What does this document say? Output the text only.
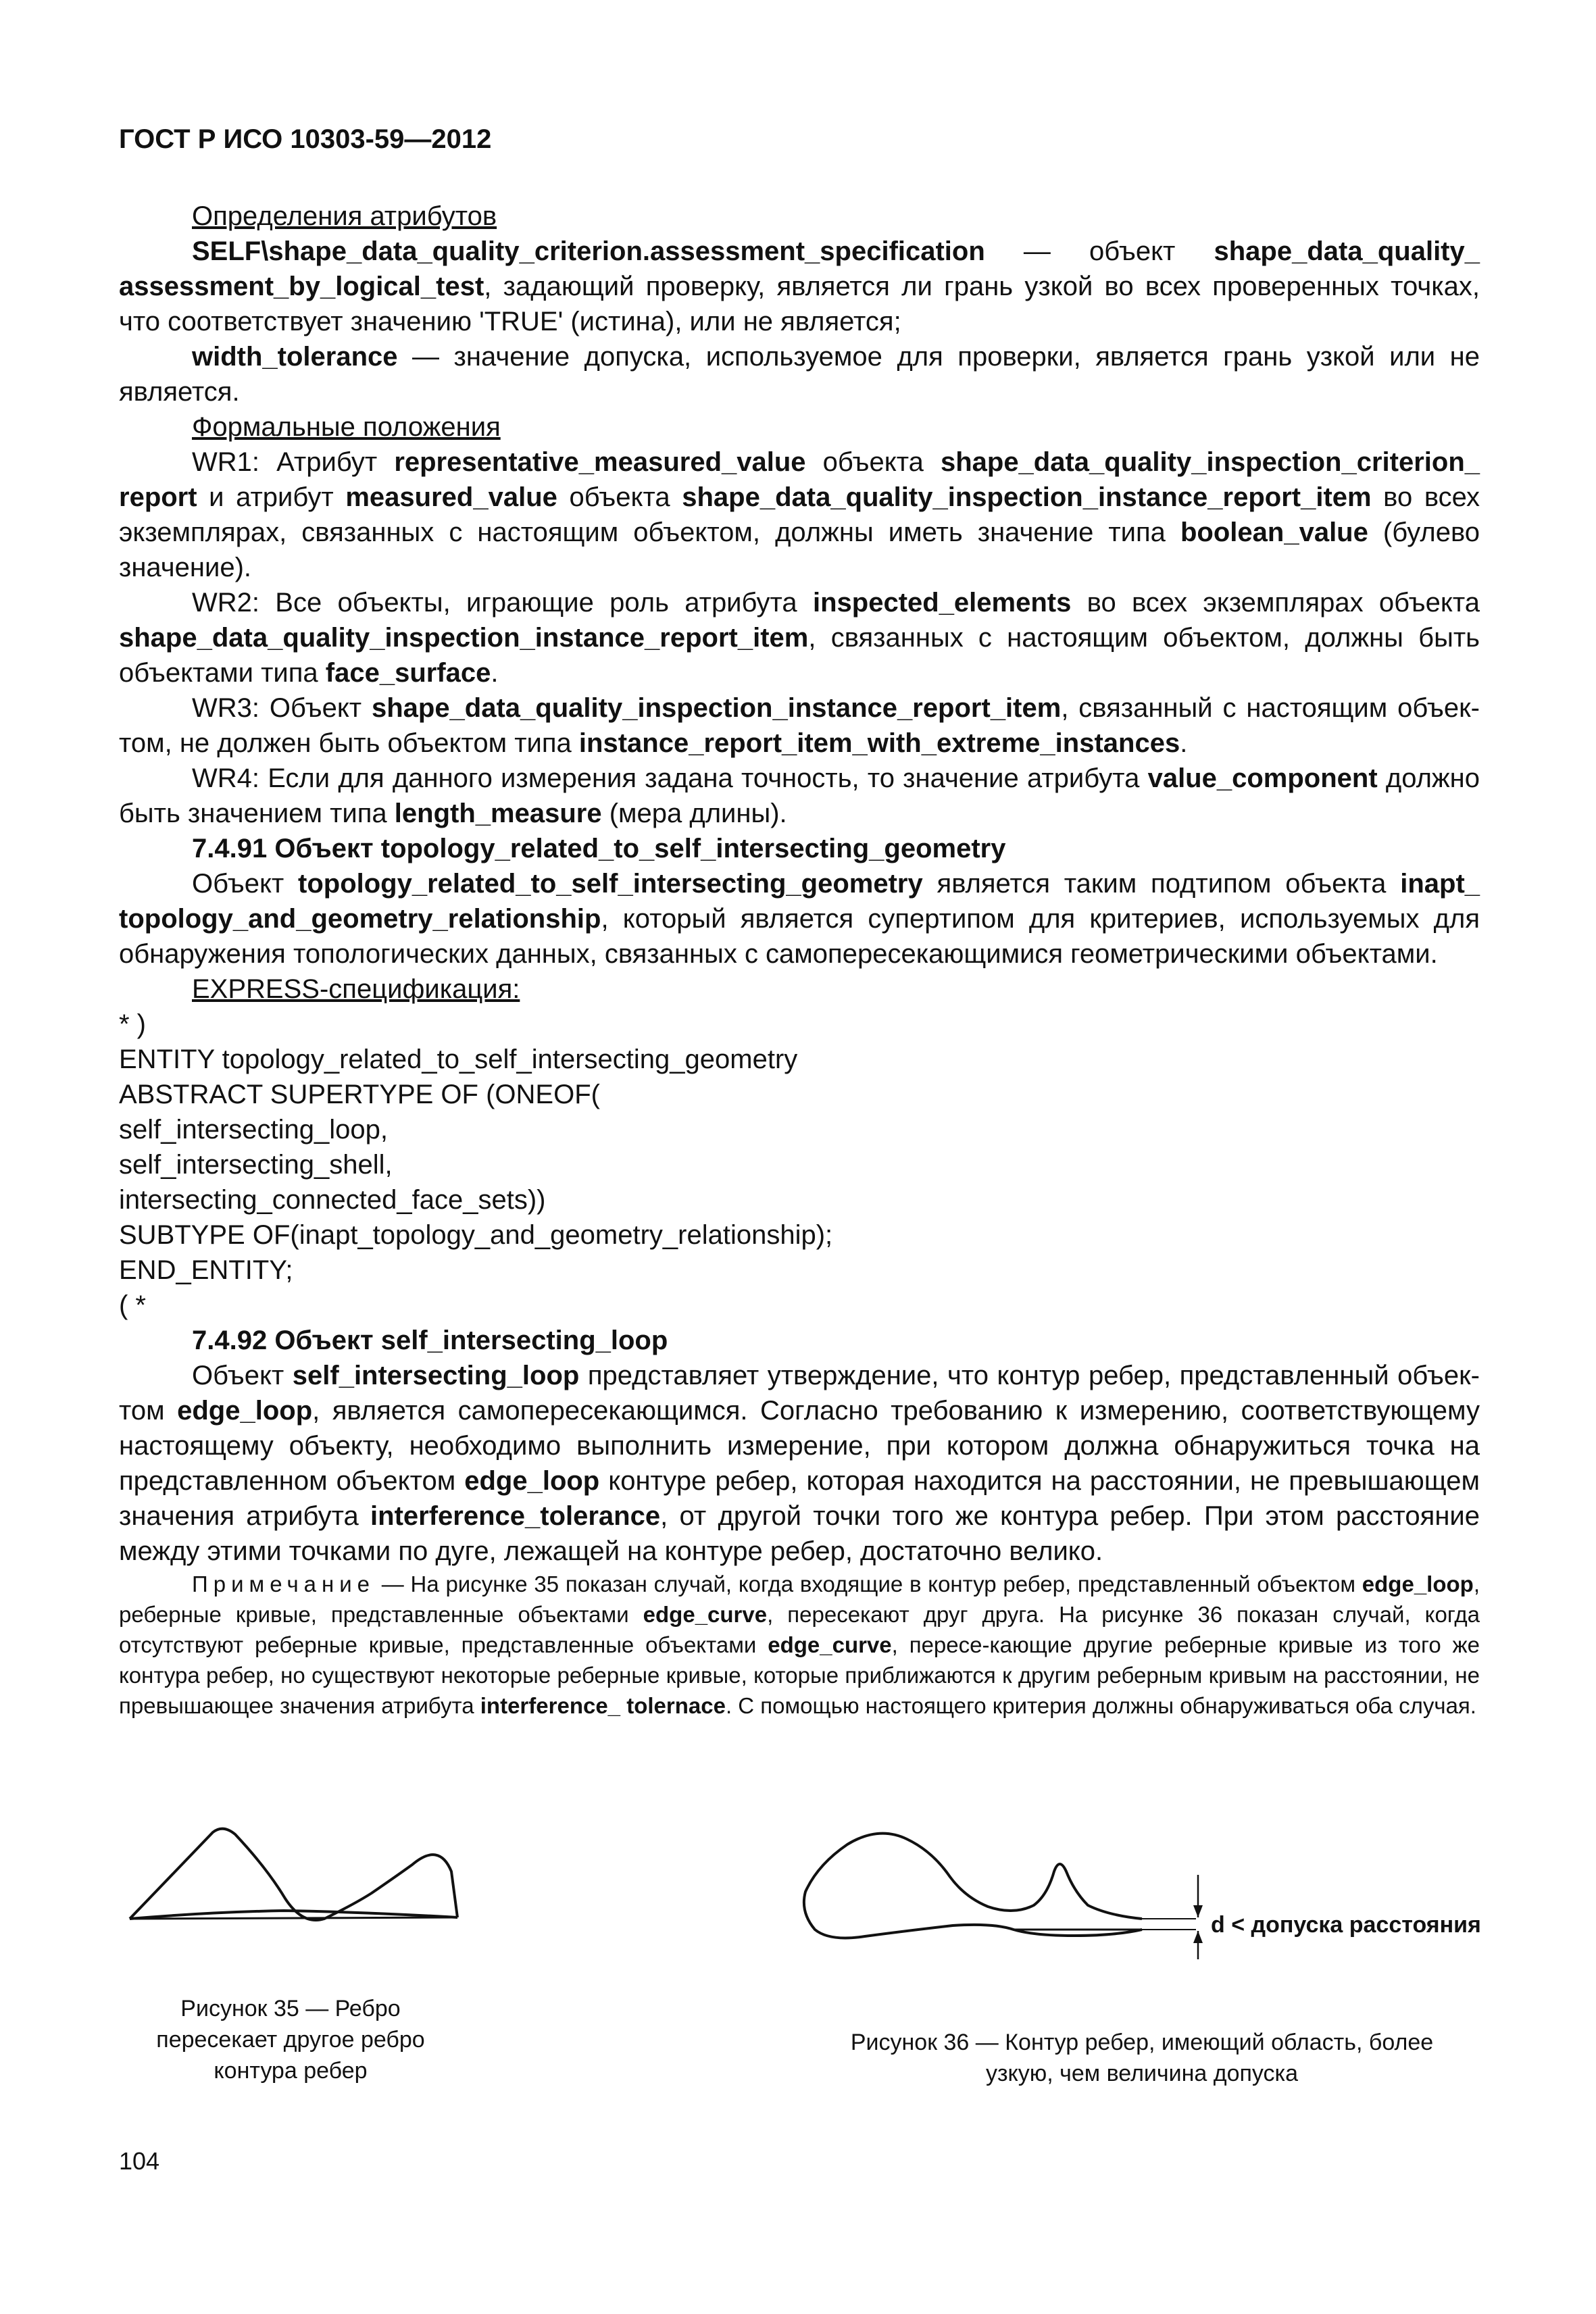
ГОСТ Р ИСО 10303-59—2012

Определения атрибутов

SELF\shape_data_quality_criterion.assessment_specification — объект shape_data_quality_ assessment_by_logical_test, задающий проверку, является ли грань узкой во всех проверенных точках, что соответствует значению 'TRUE' (истина), или не является;

width_tolerance — значение допуска, используемое для проверки, является грань узкой или не является.

Формальные положения

WR1: Атрибут representative_measured_value объекта shape_data_quality_inspection_criterion_ report и атрибут measured_value объекта shape_data_quality_inspection_instance_report_item во всех экземплярах, связанных с настоящим объектом, должны иметь значение типа boolean_value (булево значение).

WR2: Все объекты, играющие роль атрибута inspected_elements во всех экземплярах объекта shape_data_quality_inspection_instance_report_item, связанных с настоящим объектом, должны быть объектами типа face_surface.

WR3: Объект shape_data_quality_inspection_instance_report_item, связанный с настоящим объек-том, не должен быть объектом типа instance_report_item_with_extreme_instances.

WR4: Если для данного измерения задана точность, то значение атрибута value_component должно быть значением типа length_measure (мера длины).

7.4.91 Объект topology_related_to_self_intersecting_geometry

Объект topology_related_to_self_intersecting_geometry является таким подтипом объекта inapt_ topology_and_geometry_relationship, который является супертипом для критериев, используемых для обнаружения топологических данных, связанных с самопересекающимися геометрическими объектами.

EXPRESS-спецификация:

* )
ENTITY topology_related_to_self_intersecting_geometry
ABSTRACT SUPERTYPE OF (ONEOF(
self_intersecting_loop,
self_intersecting_shell,
intersecting_connected_face_sets))
SUBTYPE OF(inapt_topology_and_geometry_relationship);
END_ENTITY;
( *

7.4.92 Объект self_intersecting_loop

Объект self_intersecting_loop представляет утверждение, что контур ребер, представленный объек-том edge_loop, является самопересекающимся. Согласно требованию к измерению, соответствующему настоящему объекту, необходимо выполнить измерение, при котором должна обнаружиться точка на представленном объектом edge_loop контуре ребер, которая находится на расстоянии, не превышающем значения атрибута interference_tolerance, от другой точки того же контура ребер. При этом расстояние между этими точками по дуге, лежащей на контуре ребер, достаточно велико.

Примечание — На рисунке 35 показан случай, когда входящие в контур ребер, представленный объектом edge_loop, реберные кривые, представленные объектами edge_curve, пересекают друг друга. На рисунке 36 показан случай, когда отсутствуют реберные кривые, представленные объектами edge_curve, пересе-кающие другие реберные кривые из того же контура ребер, но существуют некоторые реберные кривые, которые приближаются к другим реберным кривым на расстоянии, не превышающее значения атрибута interference_ tolernace. С помощью настоящего критерия должны обнаруживаться оба случая.

Рисунок 35 — Ребро
пересекает другое ребро
контура ребер
d < допуска расстояния
Рисунок 36 — Контур ребер, имеющий область, более
узкую, чем величина допуска
104
